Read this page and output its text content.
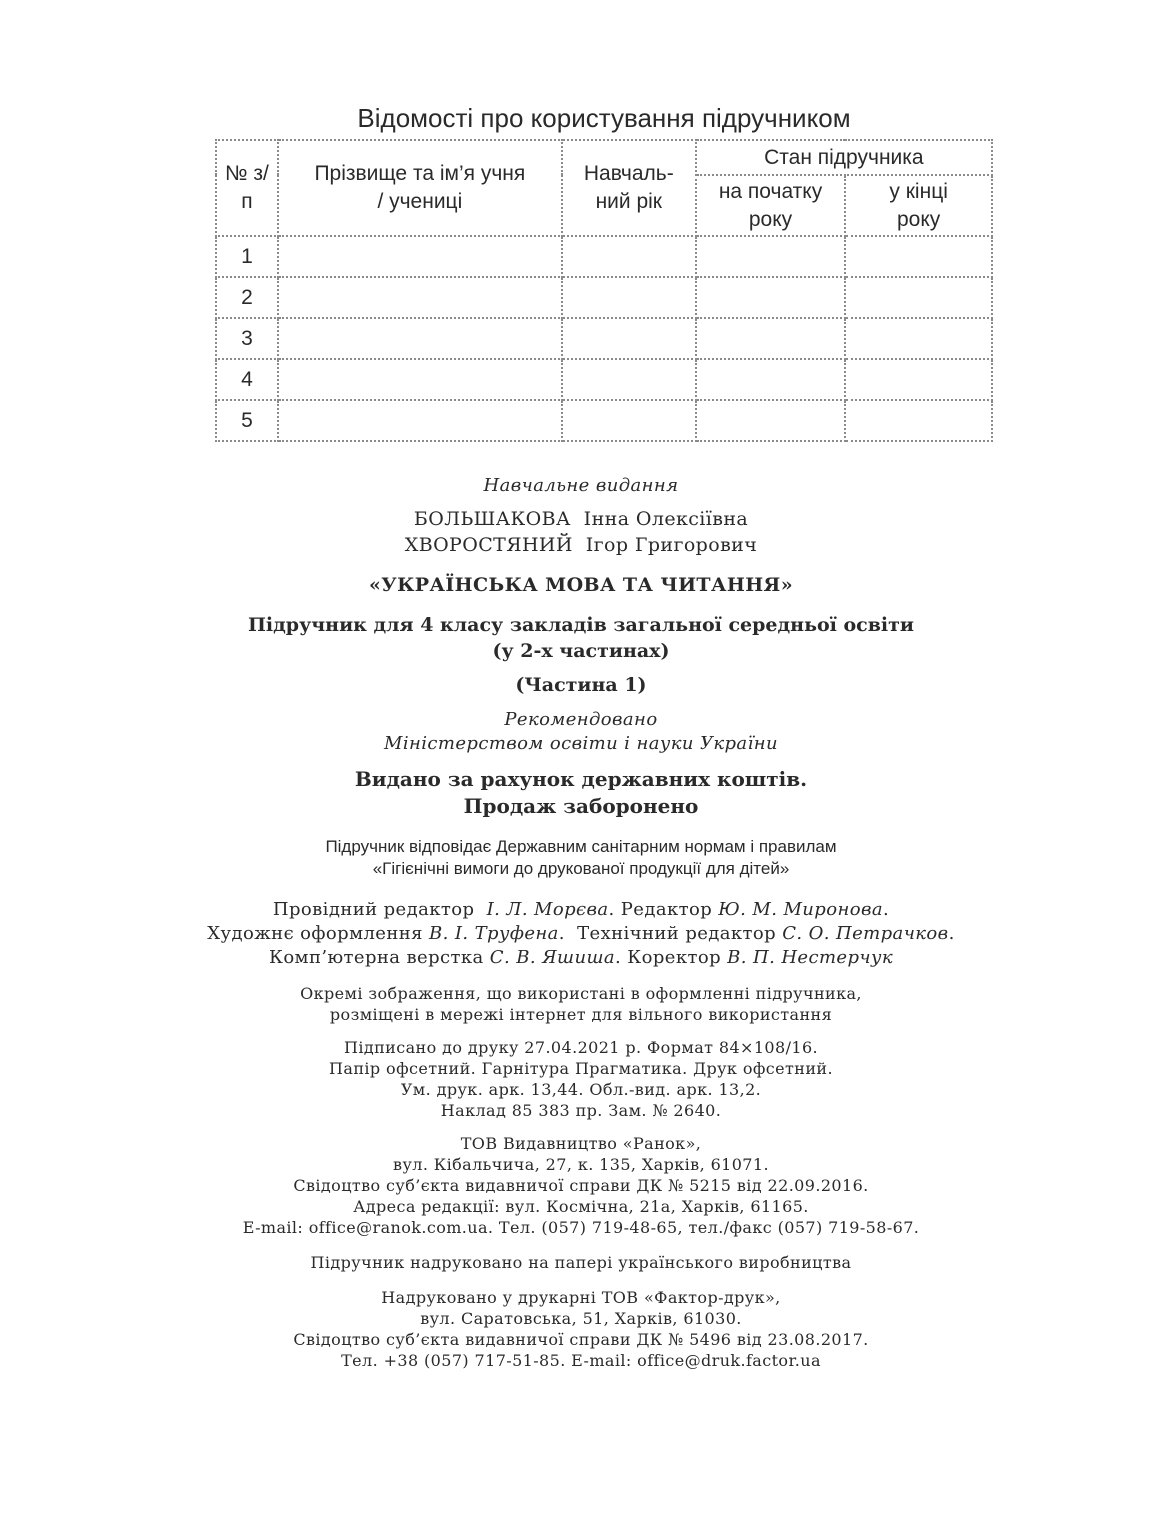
Відомості про користування підручником
№ з/п	Прізвище та ім’я учня / учениці	Навчаль-ний рік	Стан підручника	
			на початку року	у кінці року
1				
2				
3				
4				
5				
Навчальне видання
БОЛЬШАКОВА Інна Олексіївна
ХВОРОСТЯНИЙ Ігор Григорович
«УКРАЇНСЬКА МОВА ТА ЧИТАННЯ»
Підручник для 4 класу закладів загальної середньої освіти
(у 2-х частинах)
(Частина 1)
Рекомендовано
Міністерством освіти і науки України
Видано за рахунок державних коштів.
Продаж заборонено
Підручник відповідає Державним санітарним нормам і правилам
«Гігієнічні вимоги до друкованої продукції для дітей»
Провідний редактор І. Л. Морєва. Редактор Ю. М. Миронова.
Художнє оформлення В. І. Труфена.  Технічний редактор С. О. Петрачков.
Комп’ютерна верстка С. В. Яшиша. Коректор В. П. Нестерчук
Окремі зображення, що використані в оформленні підручника,
розміщені в мережі інтернет для вільного використання
Підписано до друку 27.04.2021 р. Формат 84×108/16.
Папір офсетний. Гарнітура Прагматика. Друк офсетний.
Ум. друк. арк. 13,44. Обл.-вид. арк. 13,2.
Наклад 85 383 пр. Зам. № 2640.
ТОВ Видавництво «Ранок»,
вул. Кібальчича, 27, к. 135, Харків, 61071.
Свідоцтво суб’єкта видавничої справи ДК № 5215 від 22.09.2016.
Адреса редакції: вул. Космічна, 21а, Харків, 61165.
E-mail: office@ranok.com.ua. Тел. (057) 719-48-65, тел./факс (057) 719-58-67.
Підручник надруковано на папері українського виробництва
Надруковано у друкарні ТОВ «Фактор-друк»,
вул. Саратовська, 51, Харків, 61030.
Свідоцтво суб’єкта видавничої справи ДК № 5496 від 23.08.2017.
Тел. +38 (057) 717-51-85. E-mail: office@druk.factor.ua
